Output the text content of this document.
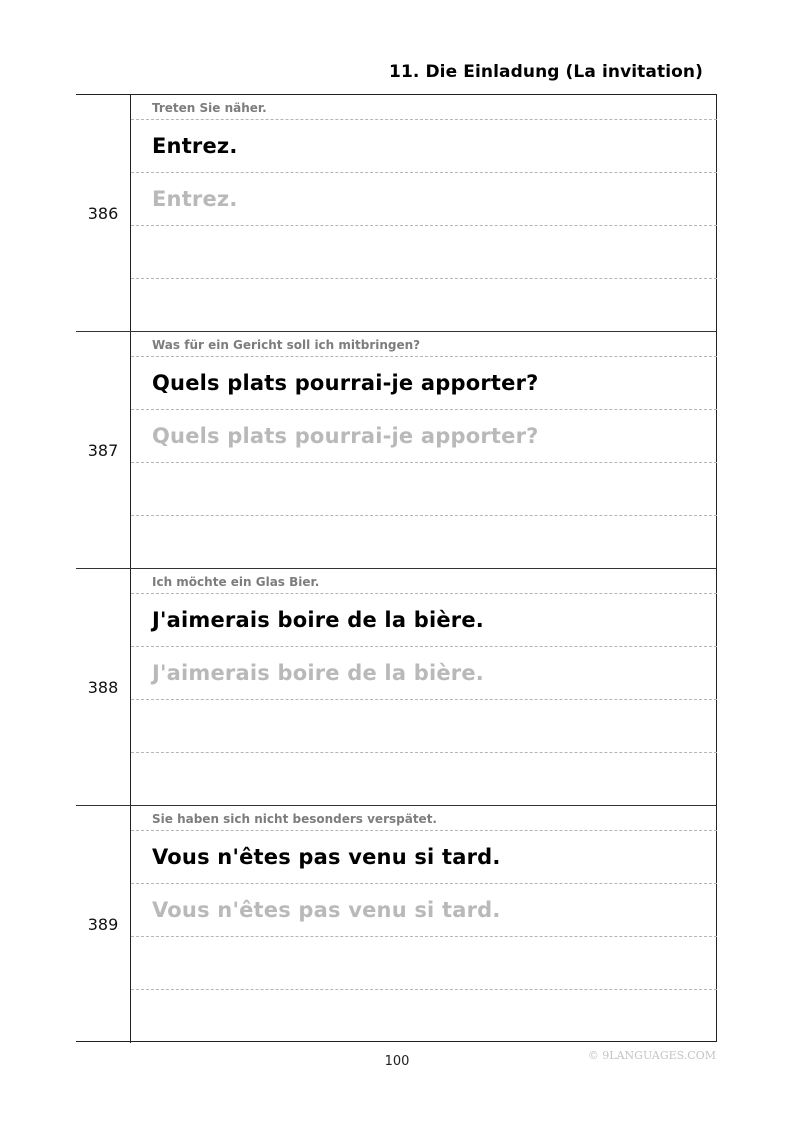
11. Die Einladung (La invitation)
386
Treten Sie näher.
Entrez.
Entrez.
387
Was für ein Gericht soll ich mitbringen?
Quels plats pourrai-je apporter?
Quels plats pourrai-je apporter?
388
Ich möchte ein Glas Bier.
J'aimerais boire de la bière.
J'aimerais boire de la bière.
389
Sie haben sich nicht besonders verspätet.
Vous n'êtes pas venu si tard.
Vous n'êtes pas venu si tard.
100	© 9LANGUAGES.COM
